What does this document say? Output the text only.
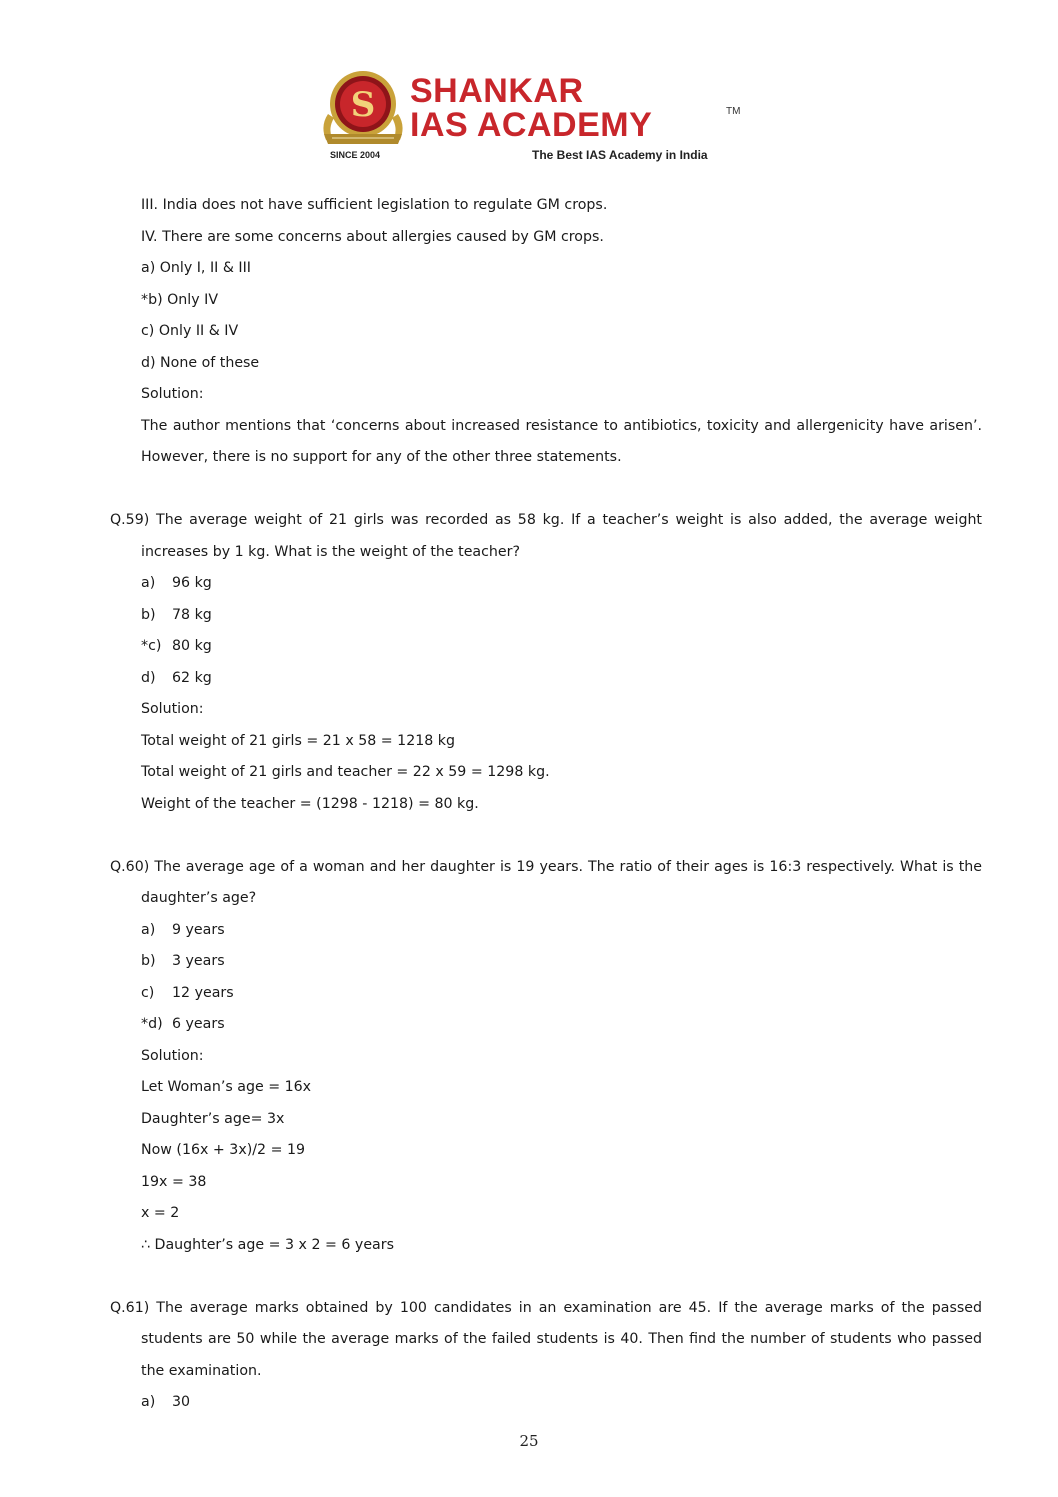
S
SINCE 2004
SHANKAR
IAS ACADEMY	TM
The Best IAS Academy in India
III. India does not have sufficient legislation to regulate GM crops.
IV. There are some concerns about allergies caused by GM crops.
a) Only I, II & III
*b) Only IV
c) Only II & IV
d) None of these
Solution:
The author mentions that ‘concerns about increased resistance to antibiotics, toxicity and allergenicity have arisen’.
However, there is no support for any of the other three statements.
Q.59) The average weight of 21 girls was recorded as 58 kg. If a teacher’s weight is also added, the average weight
increases by 1 kg. What is the weight of the teacher?
a) 96 kg
b) 78 kg
*c) 80 kg
d) 62 kg
Solution:
Total weight of 21 girls = 21 x 58 = 1218 kg
Total weight of 21 girls and teacher = 22 x 59 = 1298 kg.
Weight of the teacher = (1298 - 1218) = 80 kg.
Q.60) The average age of a woman and her daughter is 19 years. The ratio of their ages is 16:3 respectively. What is the
daughter’s age?
a) 9 years
b) 3 years
c) 12 years
*d) 6 years
Solution:
Let Woman’s age = 16x
Daughter’s age= 3x
Now (16x + 3x)/2 = 19
19x = 38
x = 2
∴ Daughter’s age = 3 x 2 = 6 years
Q.61) The average marks obtained by 100 candidates in an examination are 45. If the average marks of the passed
students are 50 while the average marks of the failed students is 40. Then find the number of students who passed
the examination.
a) 30
25
